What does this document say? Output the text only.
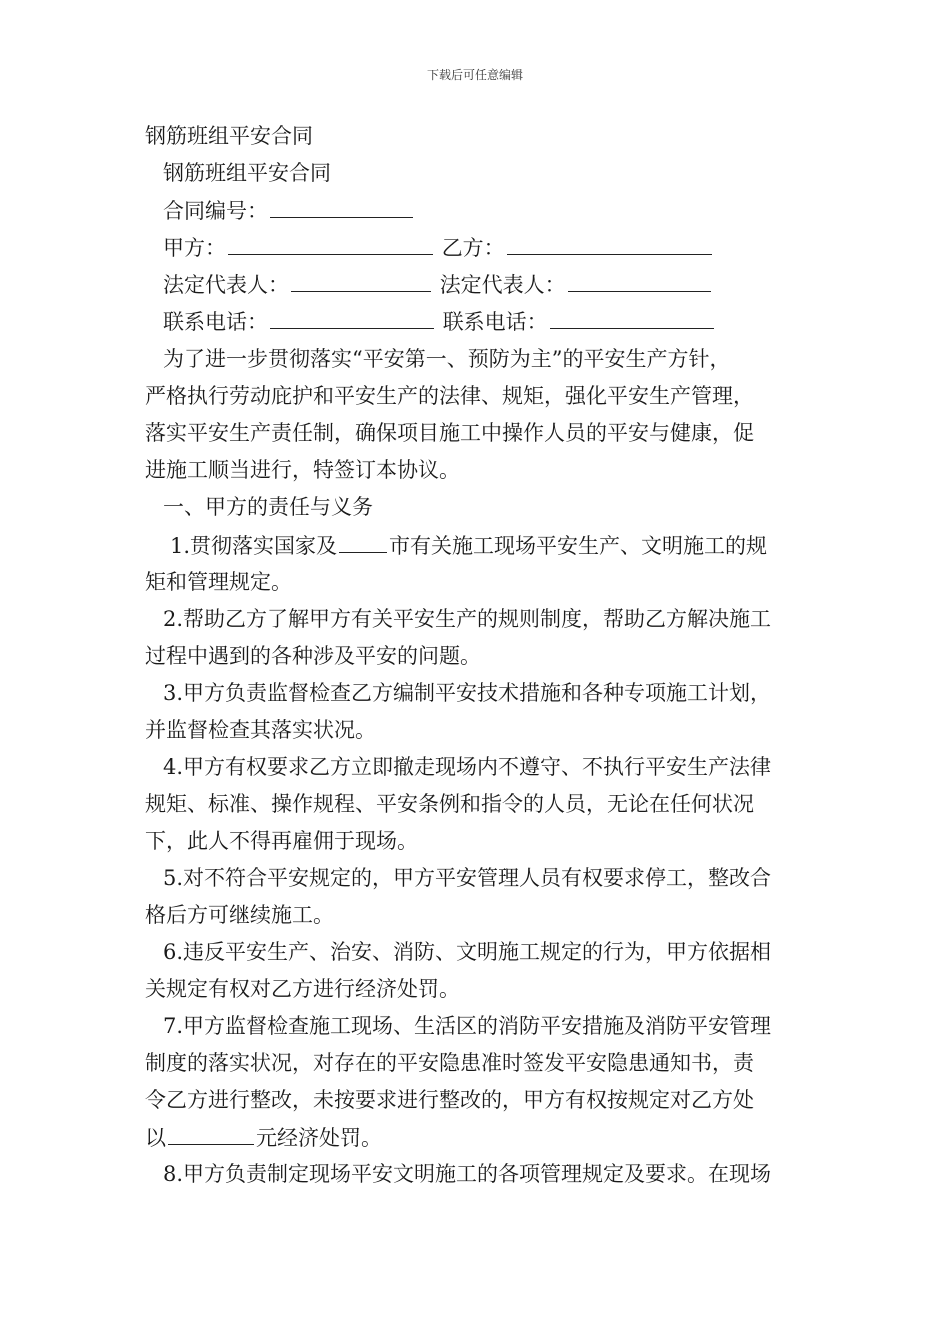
下载后可任意编辑
钢筋班组平安合同
钢筋班组平安合同
合同编号：
甲方：	乙方：
法定代表人：	法定代表人：
联系电话：	联系电话：
为了进一步贯彻落实“平安第一、预防为主”的平安生产方针，
严格执行劳动庇护和平安生产的法律、规矩，强化平安生产管理，
落实平安生产责任制，确保项目施工中操作人员的平安与健康，促
进施工顺当进行，特签订本协议。
一、甲方的责任与义务
1.贯彻落实国家及 市有关施工现场平安生产、文明施工的规
矩和管理规定。
2.帮助乙方了解甲方有关平安生产的规则制度，帮助乙方解决施工
过程中遇到的各种涉及平安的问题。
3.甲方负责监督检查乙方编制平安技术措施和各种专项施工计划，
并监督检查其落实状况。
4.甲方有权要求乙方立即撤走现场内不遵守、不执行平安生产法律
规矩、标准、操作规程、平安条例和指令的人员，无论在任何状况
下，此人不得再雇佣于现场。
5.对不符合平安规定的，甲方平安管理人员有权要求停工，整改合
格后方可继续施工。
6.违反平安生产、治安、消防、文明施工规定的行为，甲方依据相
关规定有权对乙方进行经济处罚。
7.甲方监督检查施工现场、生活区的消防平安措施及消防平安管理
制度的落实状况，对存在的平安隐患准时签发平安隐患通知书，责
令乙方进行整改，未按要求进行整改的，甲方有权按规定对乙方处
以	元经济处罚。
8.甲方负责制定现场平安文明施工的各项管理规定及要求。在现场
